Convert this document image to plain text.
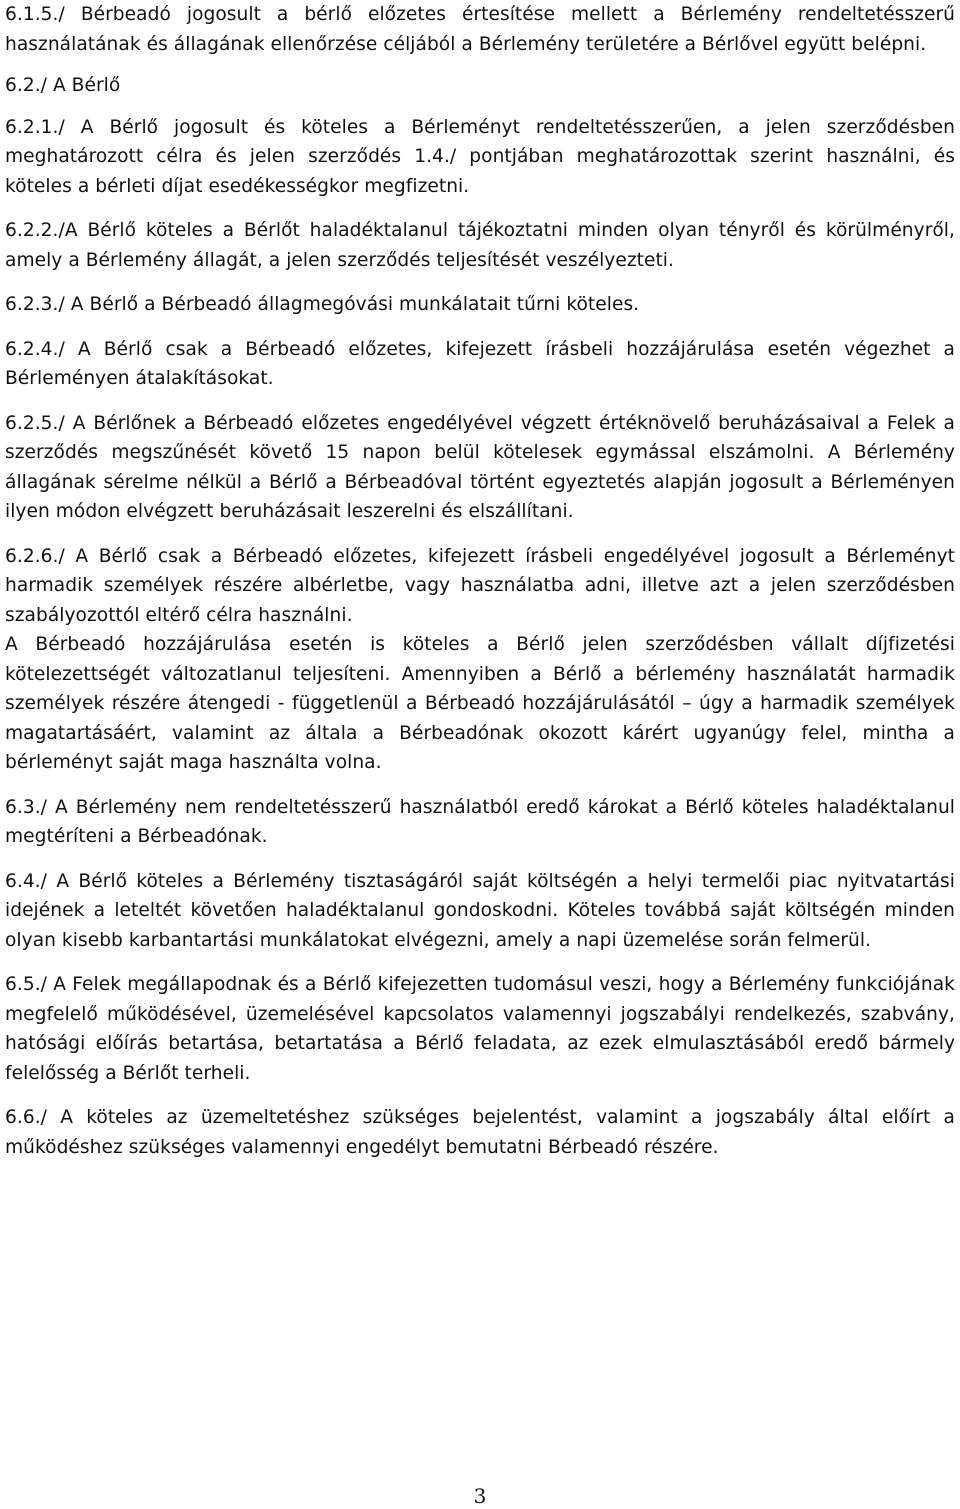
6.1.5./ Bérbeadó jogosult a bérlő előzetes értesítése mellett a Bérlemény rendeltetésszerű használatának és állagának ellenőrzése céljából a Bérlemény területére a Bérlővel együtt belépni.

6.2./ A Bérlő

6.2.1./ A Bérlő jogosult és köteles a Bérleményt rendeltetésszerűen, a jelen szerződésben meghatározott célra és jelen szerződés 1.4./ pontjában meghatározottak szerint használni, és köteles a bérleti díjat esedékességkor megfizetni.

6.2.2./A Bérlő köteles a Bérlőt haladéktalanul tájékoztatni minden olyan tényről és körülményről, amely a Bérlemény állagát, a jelen szerződés teljesítését veszélyezteti.

6.2.3./ A Bérlő a Bérbeadó állagmegóvási munkálatait tűrni köteles.

6.2.4./ A Bérlő csak a Bérbeadó előzetes, kifejezett írásbeli hozzájárulása esetén végezhet a Bérleményen átalakításokat.

6.2.5./ A Bérlőnek a Bérbeadó előzetes engedélyével végzett értéknövelő beruházásaival a Felek a szerződés megszűnését követő 15 napon belül kötelesek egymással elszámolni. A Bérlemény állagának sérelme nélkül a Bérlő a Bérbeadóval történt egyeztetés alapján jogosult a Bérleményen ilyen módon elvégzett beruházásait leszerelni és elszállítani.

6.2.6./ A Bérlő csak a Bérbeadó előzetes, kifejezett írásbeli engedélyével jogosult a Bérleményt harmadik személyek részére albérletbe, vagy használatba adni, illetve azt a jelen szerződésben szabályozottól eltérő célra használni.

A Bérbeadó hozzájárulása esetén is köteles a Bérlő jelen szerződésben vállalt díjfizetési kötelezettségét változatlanul teljesíteni. Amennyiben a Bérlő a bérlemény használatát harmadik személyek részére átengedi - függetlenül a Bérbeadó hozzájárulásától – úgy a harmadik személyek magatartásáért, valamint az általa a Bérbeadónak okozott kárért ugyanúgy felel, mintha a bérleményt saját maga használta volna.

6.3./ A Bérlemény nem rendeltetésszerű használatból eredő károkat a Bérlő köteles haladéktalanul megtéríteni a Bérbeadónak.

6.4./ A Bérlő köteles a Bérlemény tisztaságáról saját költségén a helyi termelői piac nyitvatartási idejének a leteltét követően haladéktalanul gondoskodni. Köteles továbbá saját költségén minden olyan kisebb karbantartási munkálatokat elvégezni, amely a napi üzemelése során felmerül.

6.5./ A Felek megállapodnak és a Bérlő kifejezetten tudomásul veszi, hogy a Bérlemény funkciójának megfelelő működésével, üzemelésével kapcsolatos valamennyi jogszabályi rendelkezés, szabvány, hatósági előírás betartása, betartatása a Bérlő feladata, az ezek elmulasztásából eredő bármely felelősség a Bérlőt terheli.

6.6./ A köteles az üzemeltetéshez szükséges bejelentést, valamint a jogszabály által előírt a működéshez szükséges valamennyi engedélyt bemutatni Bérbeadó részére.

3
